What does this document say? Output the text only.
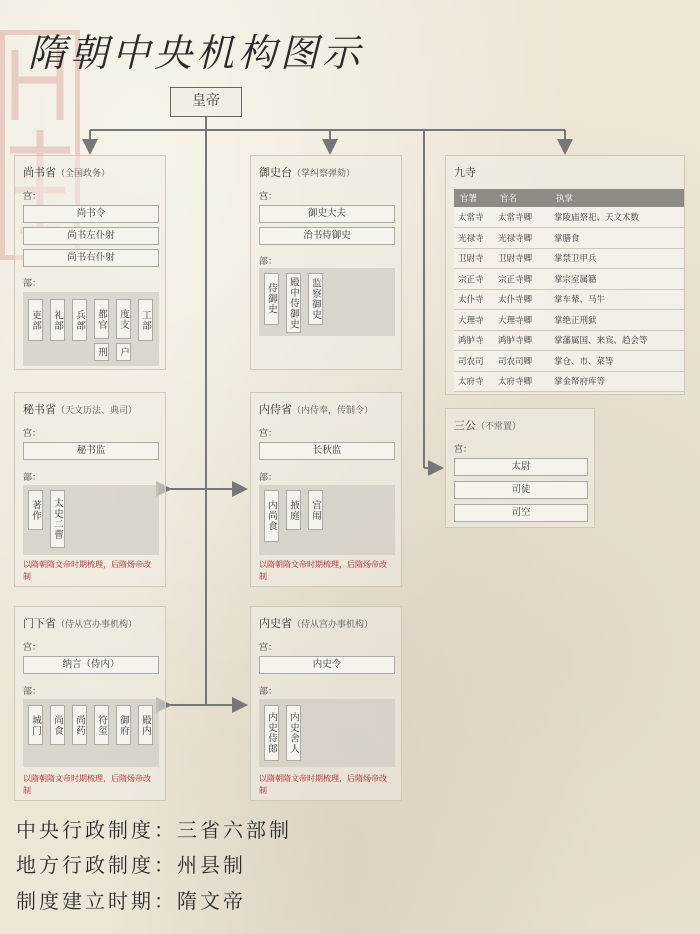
隋朝中央机构图示
皇帝
尚书省（全国政务）
宫：
尚书令
尚书左仆射
尚书右仆射
部：
吏部 礼部 兵部 都官
刑
度支
户
工部
御史台（掌纠察弹劾）
宫：
御史大夫
治书侍御史
部：
侍御史 殿中侍御史 监察御史
九寺
官署	官名	执掌
太常寺	太常寺卿	掌陵庙祭祀、天文术数
光禄寺	光禄寺卿	掌膳食
卫尉寺	卫尉寺卿	掌禁卫甲兵
宗正寺	宗正寺卿	掌宗室属籍
太仆寺	太仆寺卿	掌车辇、马牛
大理寺	大理寺卿	掌绝正刑狱
鸿胪寺	鸿胪寺卿	掌藩属国、来宾、趋会等
司农司	司农司卿	掌仓、市、菜等
太府寺	太府寺卿	掌金帑府库等
三公（不常置）
宫：
太尉
司徒
司空
秘书省（天文历法、典司）
宫：
秘书监
部：
著作 太史二曹
以隋朝隋文帝时期梳理，后隋炀帝改制
内侍省（内侍奉，传制令）
宫：
长秋监
部：
内尚食 掖庭 宫闱
以隋朝隋文帝时期梳理，后隋炀帝改制
门下省（侍从宫办事机构）
宫：
纳言（侍内）
部：
城门 尚食 尚药 符玺 御府 殿内
以隋朝隋文帝时期梳理，后隋炀帝改制
内史省（侍从宫办事机构）
宫：
内史令
部：
内史侍郎 内史舍人
以隋朝隋文帝时期梳理，后隋炀帝改制
中央行政制度：三省六部制
地方行政制度：州县制
制度建立时期：隋文帝
